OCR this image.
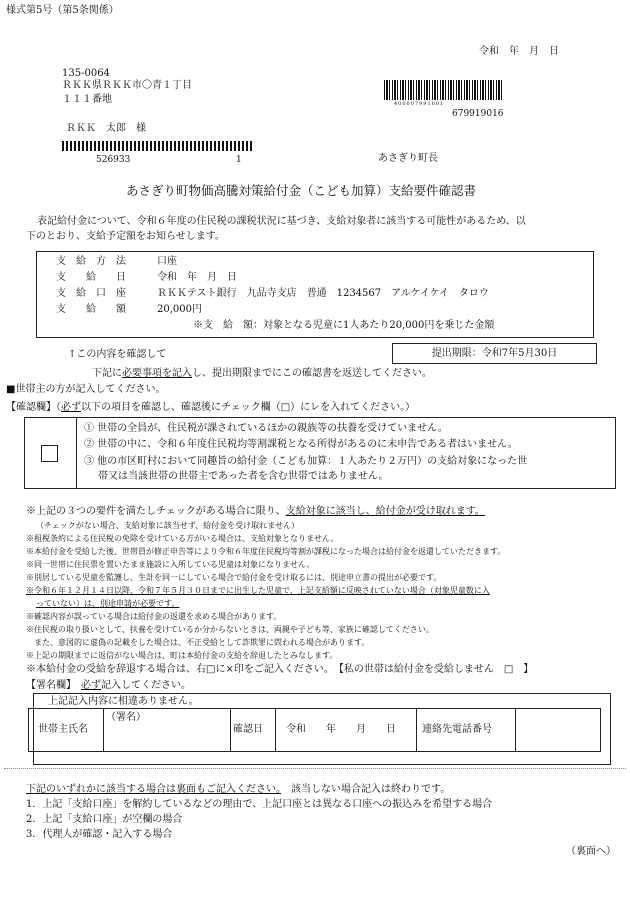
様式第5号（第5条関係）
令和　年　月　日
135-0064
ＲＫＫ県ＲＫＫ市〇青１丁目
１１１番地
ＲＫＫ　太郎　様
526933	1
400007991001
679919016
あさぎり町長
あさぎり町物価高騰対策給付金（こども加算）支給要件確認書
表記給付金について、令和６年度の住民税の課税状況に基づき、支給対象者に該当する可能性があるため、以
下のとおり、支給予定額をお知らせします。
支　給　方　法	口座
支　　給　　日	令和　年　月　日
支　給　口　座	ＲＫＫテスト銀行　九品寺支店　普通　1234567　アルケイケイ　タロウ
支　　給　　額	20,000円
※支　給　額：対象となる児童に1人あたり20,000円を乗じた金額
↑この内容を確認して	提出期限：令和7年5月30日
下記に必要事項を記入し、提出期限までにこの確認書を返送してください。
■世帯主の方が記入してください。
【確認欄】（必ず以下の項目を確認し、確認後にチェック欄（□）にレを入れてください。）
① 世帯の全員が、住民税が課されているほかの親族等の扶養を受けていません。
② 世帯の中に、令和６年度住民税均等割課税となる所得があるのに未申告である者はいません。
③ 他の市区町村において同趣旨の給付金（こども加算：１人あたり２万円）の支給対象になった世
帯又は当該世帯の世帯主であった者を含む世帯ではありません。
※上記の３つの要件を満たしチェックがある場合に限り、支給対象に該当し、給付金が受け取れます。
（チェックがない場合、支給対象に該当せず、給付金を受け取れません）
※租税条約による住民税の免除を受けている方がいる場合は、支給対象となりません。
※本給付金を受給した後、世帯員が修正申告等により令和６年度住民税均等割が課税になった場合は給付金を返還していただきます。
※同一世帯に住民票を置いたまま施設に入所している児童は対象になりません。
※別居している児童を監護し、生計を同一にしている場合で給付金を受け取るには、別途申立書の提出が必要です。
※令和６年１２月１４日以降、令和７年５月３０日までに出生した児童で、上記支給額に反映されていない場合（対象児童数に入
っていない）は、別途申請が必要です。
※確認内容が誤っている場合は給付金の返還を求める場合があります。
※住民税の取り扱いとして、扶養を受けているか分からないときは、両親や子ども等、家族に確認してください。
また、意図的に虚偽の記載をした場合は、不正受給として詐欺罪に問われる場合があります。
※上記の期限までに返信がない場合は、町は本給付金の支給を辞退したとみなします。
※本給付金の受給を辞退する場合は、右□に×印をご記入ください。　【私の世帯は給付金を受給しません　□　】
【署名欄】　必ず記入してください。
上記記入内容に相違ありません。
世帯主氏名
（署名）
確認日 令和　　年　　月　　日	連絡先電話番号
下記のいずれかに該当する場合は裏面もご記入ください。　該当しない場合記入は終わりです。
1．上記「支給口座」を解約しているなどの理由で、上記口座とは異なる口座への振込みを希望する場合
2．上記「支給口座」が空欄の場合
3．代理人が確認・記入する場合
（裏面へ）
